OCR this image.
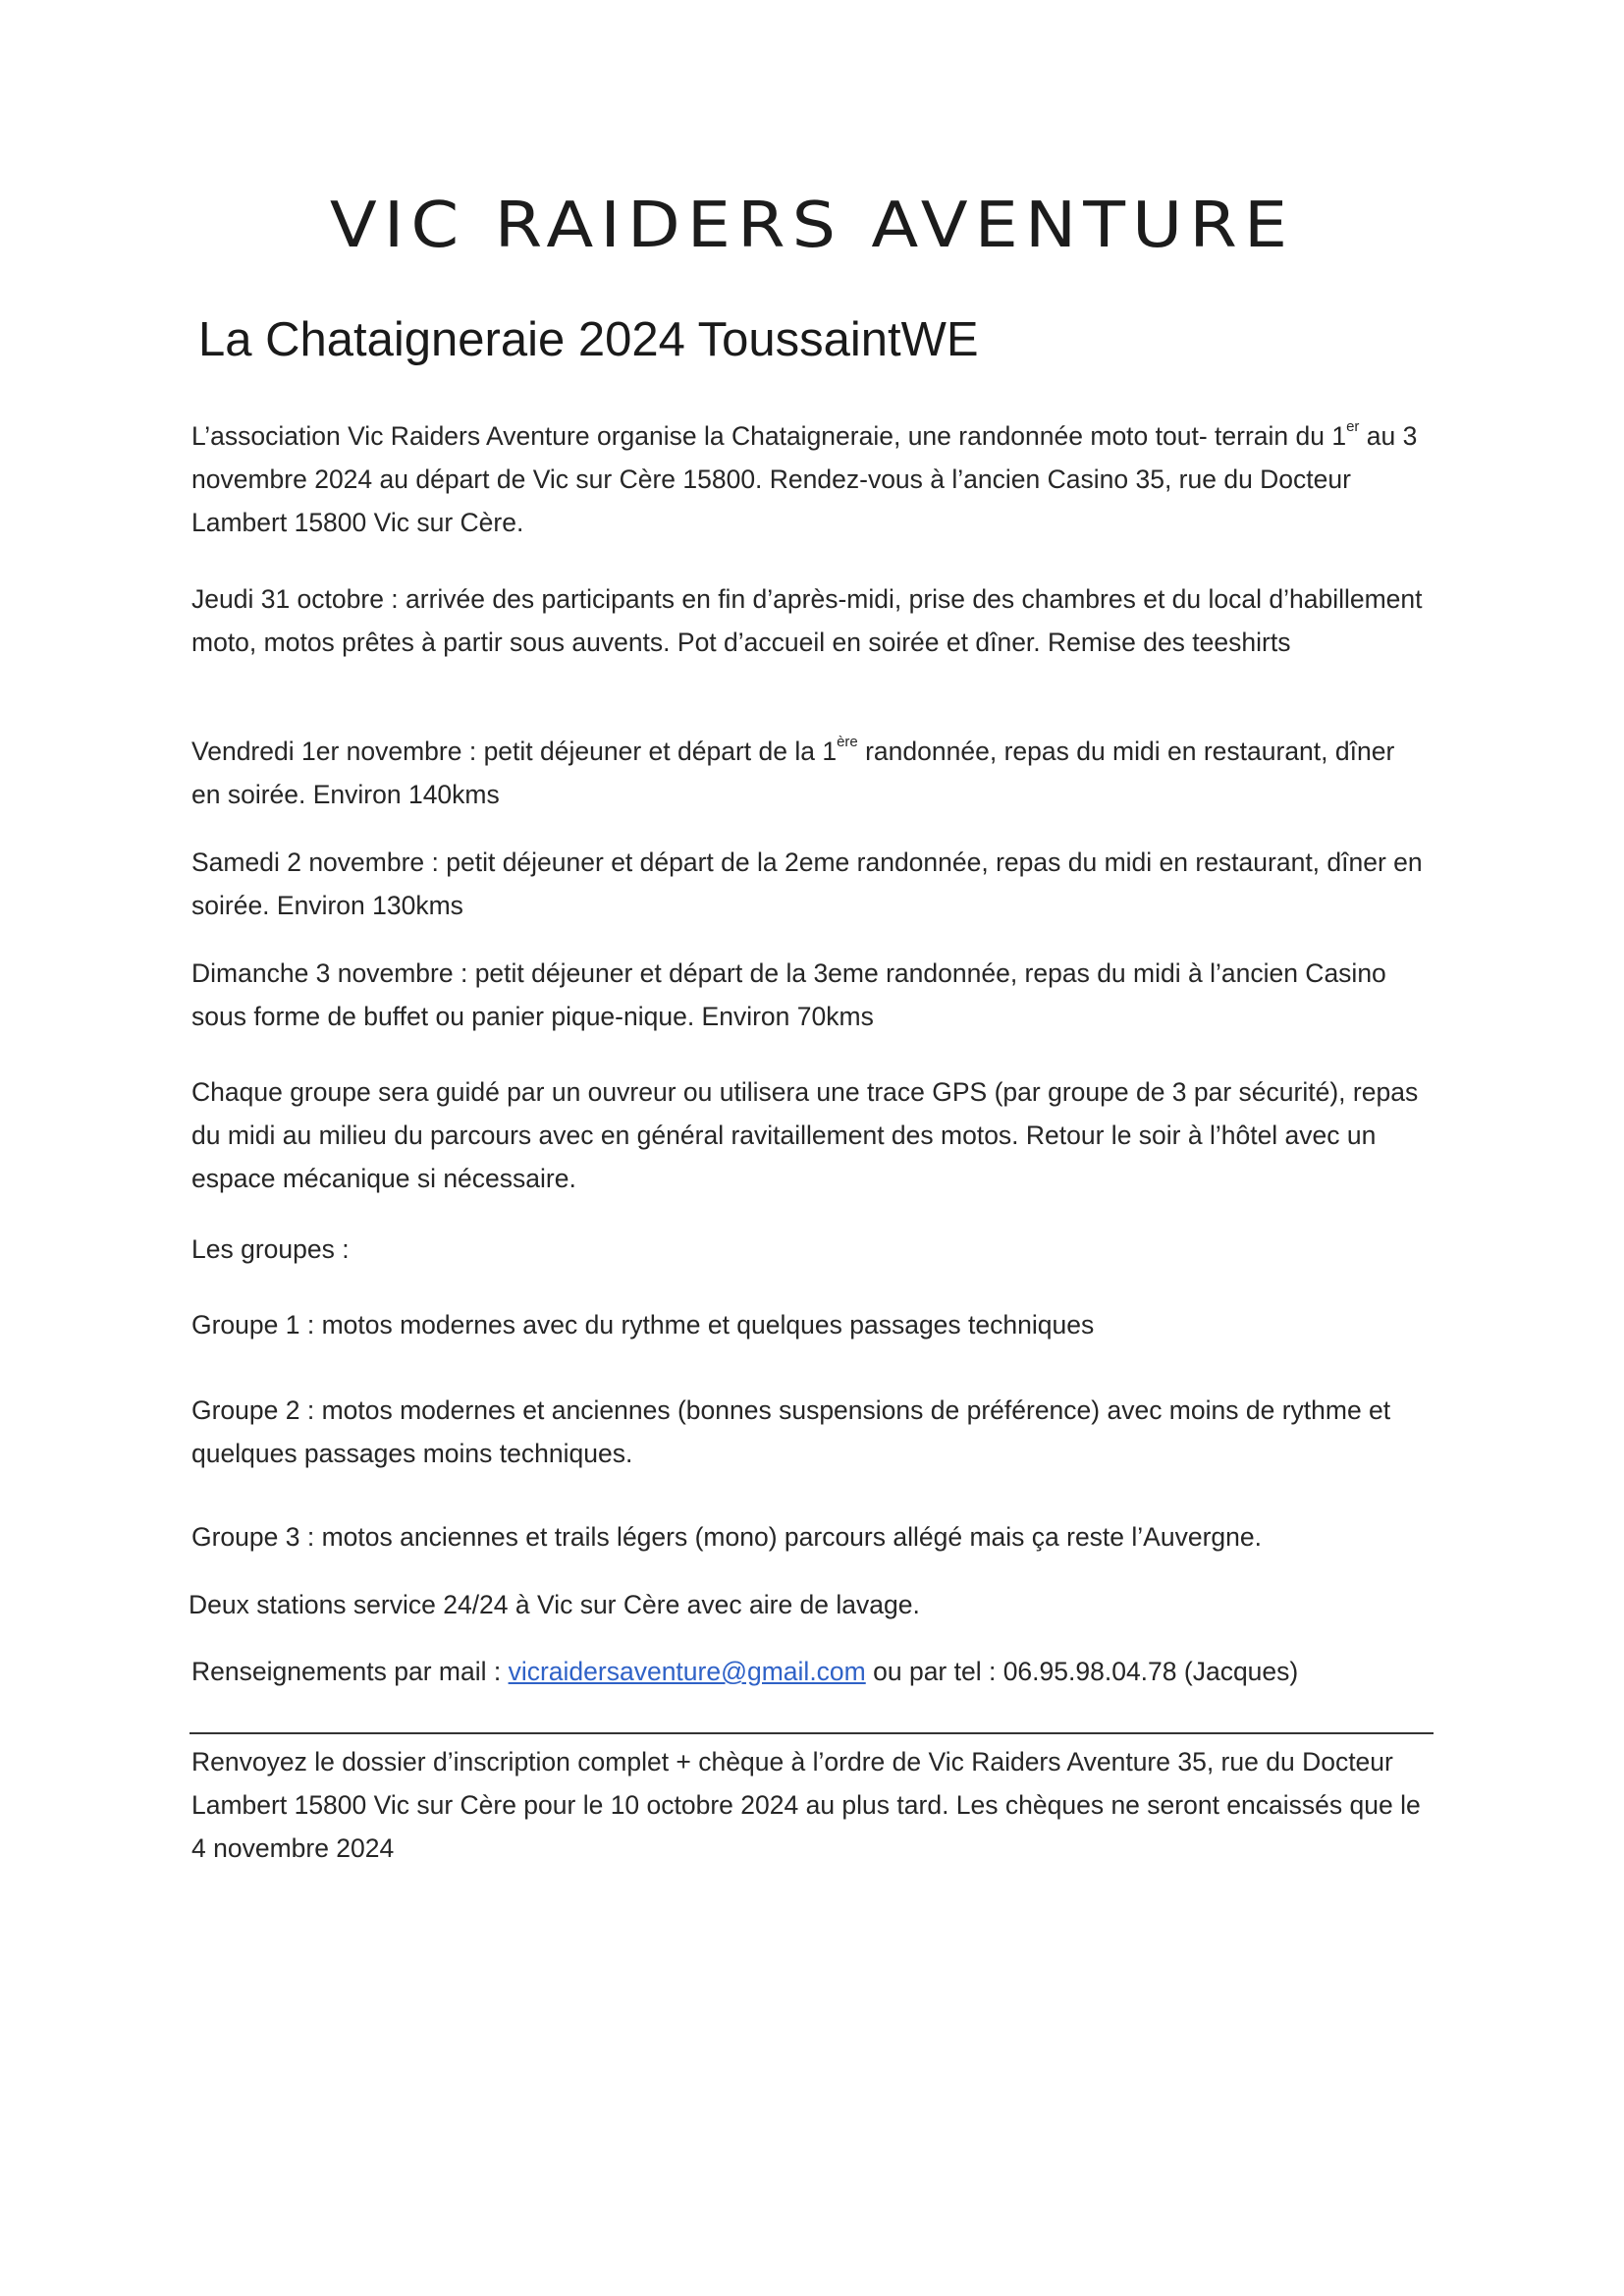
VIC RAIDERS AVENTURE
La Chataigneraie 2024 ToussaintWE

L’association Vic Raiders Aventure organise la Chataigneraie, une randonnée moto tout- terrain du 1er au 3 novembre 2024 au départ de Vic sur Cère 15800. Rendez-vous à l’ancien Casino 35, rue du Docteur Lambert 15800 Vic sur Cère.

Jeudi 31 octobre : arrivée des participants en fin d’après-midi, prise des chambres et du local d’habillement moto, motos prêtes à partir sous auvents. Pot d’accueil en soirée et dîner. Remise des teeshirts

Vendredi 1er novembre : petit déjeuner et départ de la 1ère randonnée, repas du midi en restaurant, dîner en soirée. Environ 140kms

Samedi 2 novembre : petit déjeuner et départ de la 2eme randonnée, repas du midi en restaurant, dîner en soirée. Environ 130kms

Dimanche 3 novembre : petit déjeuner et départ de la 3eme randonnée, repas du midi à l’ancien Casino sous forme de buffet ou panier pique-nique. Environ 70kms

Chaque groupe sera guidé par un ouvreur ou utilisera une trace GPS (par groupe de 3 par sécurité), repas du midi au milieu du parcours avec en général ravitaillement des motos. Retour le soir à l’hôtel avec un espace mécanique si nécessaire.

Les groupes :

Groupe 1 : motos modernes avec du rythme et quelques passages techniques

Groupe 2 : motos modernes et anciennes (bonnes suspensions de préférence) avec moins de rythme et quelques passages moins techniques.

Groupe 3 : motos anciennes et trails légers (mono) parcours allégé mais ça reste l’Auvergne.

Deux stations service 24/24 à Vic sur Cère avec aire de lavage.

Renseignements par mail : vicraidersaventure@gmail.com ou par tel : 06.95.98.04.78 (Jacques)

Renvoyez le dossier d’inscription complet + chèque à l’ordre de Vic Raiders Aventure 35, rue du Docteur Lambert 15800 Vic sur Cère pour le 10 octobre 2024 au plus tard. Les chèques ne seront encaissés que le 4 novembre 2024
